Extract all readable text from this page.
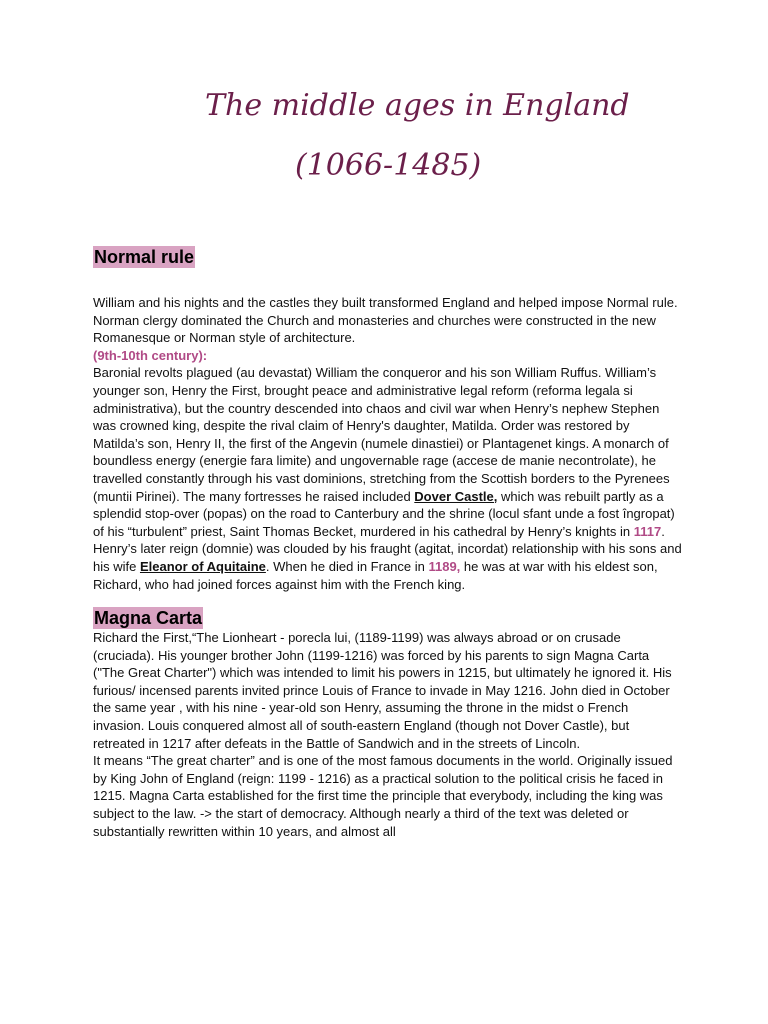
The middle ages in England
(1066-1485)
Normal rule

William and his nights and the castles they built transformed England and helped impose Normal rule. Norman clergy dominated the Church and monasteries and churches were constructed in the new Romanesque or Norman style of architecture.
(9th-10th century):
Baronial revolts plagued (au devastat) William the conqueror and his son William Ruffus. William’s younger son, Henry the First, brought peace and administrative legal reform (reforma legala si administrativa), but the country descended into chaos and civil war when Henry’s nephew Stephen was crowned king, despite the rival claim of Henry's daughter, Matilda. Order was restored by Matilda’s son, Henry II, the first of the Angevin (numele dinastiei) or Plantagenet kings. A monarch of boundless energy (energie fara limite) and ungovernable rage (accese de manie necontrolate), he travelled constantly through his vast dominions, stretching from the Scottish borders to the Pyrenees (muntii Pirinei). The many fortresses he raised included Dover Castle, which was rebuilt partly as a splendid stop-over (popas) on the road to Canterbury and the shrine (locul sfant unde a fost îngropat) of his “turbulent” priest, Saint Thomas Becket, murdered in his cathedral by Henry’s knights in 1117.
Henry’s later reign (domnie) was clouded by his fraught (agitat, incordat) relationship with his sons and his wife Eleanor of Aquitaine. When he died in France in 1189, he was at war with his eldest son, Richard, who had joined forces against him with the French king.

Magna Carta

Richard the First,“The Lionheart - porecla lui, (1189-1199) was always abroad or on crusade (cruciada). His younger brother John (1199-1216) was forced by his parents to sign Magna Carta ("The Great Charter") which was intended to limit his powers in 1215, but ultimately he ignored it. His furious/ incensed parents invited prince Louis of France to invade in May 1216. John died in October the same year , with his nine - year-old son Henry, assuming the throne in the midst o French invasion. Louis conquered almost all of south-eastern England (though not Dover Castle), but retreated in 1217 after defeats in the Battle of Sandwich and in the streets of Lincoln.
It means “The great charter” and is one of the most famous documents in the world. Originally issued by King John of England (reign: 1199 - 1216) as a practical solution to the political crisis he faced in 1215. Magna Carta established for the first time the principle that everybody, including the king was subject to the law. -> the start of democracy. Although nearly a third of the text was deleted or substantially rewritten within 10 years, and almost all
